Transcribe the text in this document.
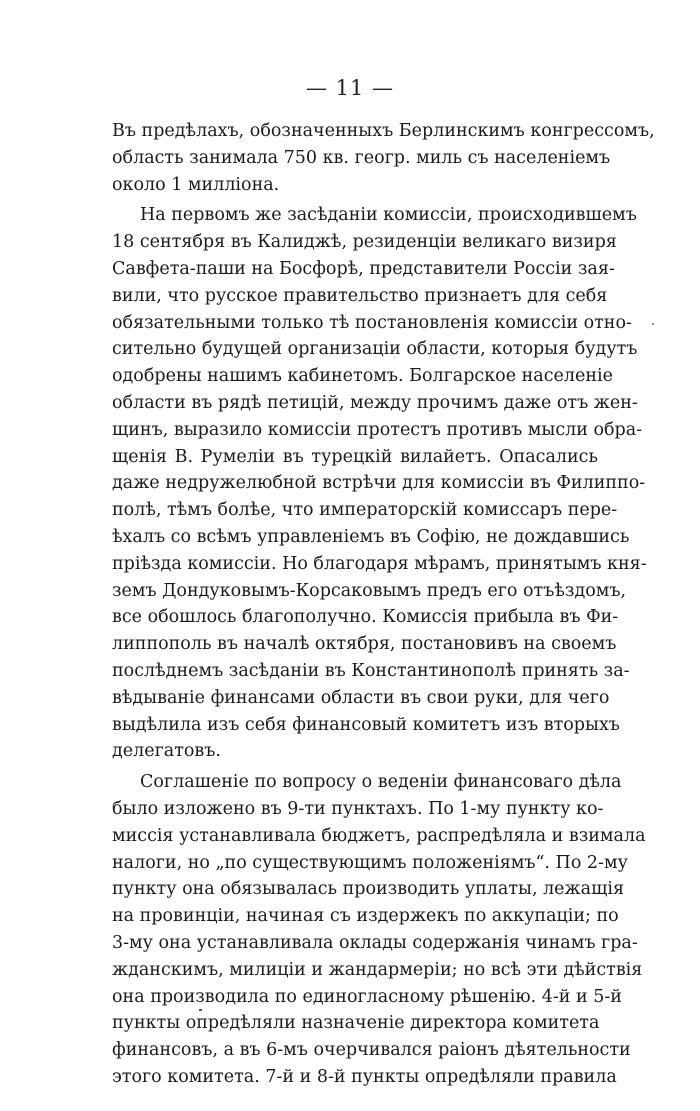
— 11 —
Въ предѣлахъ, обозначенныхъ Берлинскимъ конгрессомъ,
область занимала 750 кв. геогр. миль съ населеніемъ
около 1 милліона.
На первомъ же засѣданіи комиссіи, происходившемъ
18 сентября въ Калиджѣ, резиденціи великаго визиря
Савфета-паши на Босфорѣ, представители Россіи зая-
вили, что русское правительство признаетъ для себя
обязательными только тѣ постановленія комиссіи отно-
сительно будущей организаціи области, которыя будутъ
одобрены нашимъ кабинетомъ. Болгарское населеніе
области въ рядѣ петицій, между прочимъ даже отъ жен-
щинъ, выразило комиссіи протестъ противъ мысли обра-
щенія В. Румеліи въ турецкій вилайетъ. Опасались
даже недружелюбной встрѣчи для комиссіи въ Филиппо-
полѣ, тѣмъ болѣе, что императорскій комиссаръ пере-
ѣхалъ со всѣмъ управленіемъ въ Софію, не дождавшись
пріѣзда комиссіи. Но благодаря мѣрамъ, принятымъ кня-
земъ Дондуковымъ-Корсаковымъ предъ его отъѣздомъ,
все обошлось благополучно. Комиссія прибыла въ Фи-
липпополь въ началѣ октября, постановивъ на своемъ
послѣднемъ засѣданіи въ Константинополѣ принять за-
вѣдываніе финансами области въ свои руки, для чего
выдѣлила изъ себя финансовый комитетъ изъ вторыхъ
делегатовъ.
Соглашеніе по вопросу о веденіи финансоваго дѣла
было изложено въ 9-ти пунктахъ. По 1-му пункту ко-
миссія устанавливала бюджетъ, распредѣляла и взимала
налоги, но „по существующимъ положеніямъ“. По 2-му
пункту она обязывалась производить уплаты, лежащія
на провинціи, начиная съ издержекъ по аккупаціи; по
3-му она устанавливала оклады содержанія чинамъ гра-
жданскимъ, милиціи и жандармеріи; но всѣ эти дѣйствія
она производила по единогласному рѣшенію. 4-й и 5-й
пункты опредѣляли назначеніе директора комитета
финансовъ, а въ 6-мъ очерчивался раіонъ дѣятельности
этого комитета. 7-й и 8-й пункты опредѣляли правила
